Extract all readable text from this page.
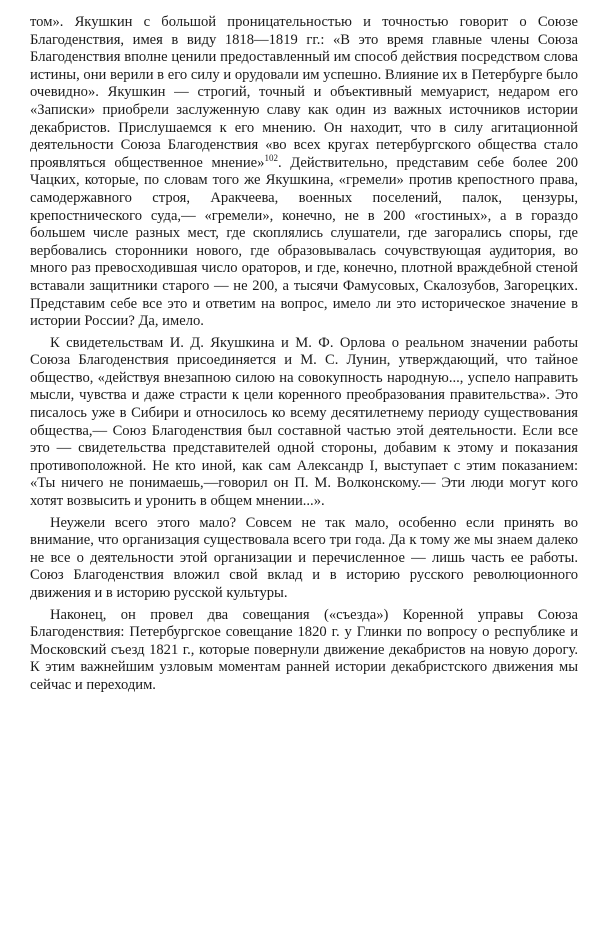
том». Якушкин с большой проницательностью и точностью говорит о Союзе Благоденствия, имея в виду 1818—1819 гг.: «В это время главные члены Союза Благоденствия вполне ценили предоставленный им способ действия посредством слова истины, они верили в его силу и орудовали им успешно. Влияние их в Петербурге было очевидно». Якушкин — строгий, точный и объективный мемуарист, недаром его «Записки» приобрели заслуженную славу как один из важных источников истории декабристов. Прислушаемся к его мнению. Он находит, что в силу агитационной деятельности Союза Благоденствия «во всех кругах петербургского общества стало проявляться общественное мнение»$^{102}$. Действительно, представим себе более 200 Чацких, которые, по словам того же Якушкина, «гремели» против крепостного права, самодержавного строя, Аракчеева, военных поселений, палок, цензуры, крепостнического суда,— «гремели», конечно, не в 200 «гостиных», а в гораздо большем числе разных мест, где скоплялись слушатели, где загорались споры, где вербовались сторонники нового, где образовывалась сочувствующая аудитория, во много раз превосходившая число ораторов, и где, конечно, плотной враждебной стеной вставали защитники старого — не 200, а тысячи Фамусовых, Скалозубов, Загорецких. Представим себе все это и ответим на вопрос, имело ли это историческое значение в истории России? Да, имело.

К свидетельствам И. Д. Якушкина и М. Ф. Орлова о реальном значении работы Союза Благоденствия присоединяется и М. С. Лунин, утверждающий, что тайное общество, «действуя внезапною силою на совокупность народную..., успело направить мысли, чувства и даже страсти к цели коренного преобразования правительства». Это писалось уже в Сибири и относилось ко всему десятилетнему периоду существования общества,— Союз Благоденствия был составной частью этой деятельности. Если все это — свидетельства представителей одной стороны, добавим к этому и показания противоположной. Не кто иной, как сам Александр I, выступает с этим показанием: «Ты ничего не понимаешь,—говорил он П. М. Волконскому.— Эти люди могут кого хотят возвысить и уронить в общем мнении...».

Неужели всего этого мало? Совсем не так мало, особенно если принять во внимание, что организация существовала всего три года. Да к тому же мы знаем далеко не все о деятельности этой организации и перечисленное — лишь часть ее работы. Союз Благоденствия вложил свой вклад и в историю русского революционного движения и в историю русской культуры.

Наконец, он провел два совещания («съезда») Коренной управы Союза Благоденствия: Петербургское совещание 1820 г. у Глинки по вопросу о республике и Московский съезд 1821 г., которые повернули движение декабристов на новую дорогу. К этим важнейшим узловым моментам ранней истории декабристского движения мы сейчас и переходим.
